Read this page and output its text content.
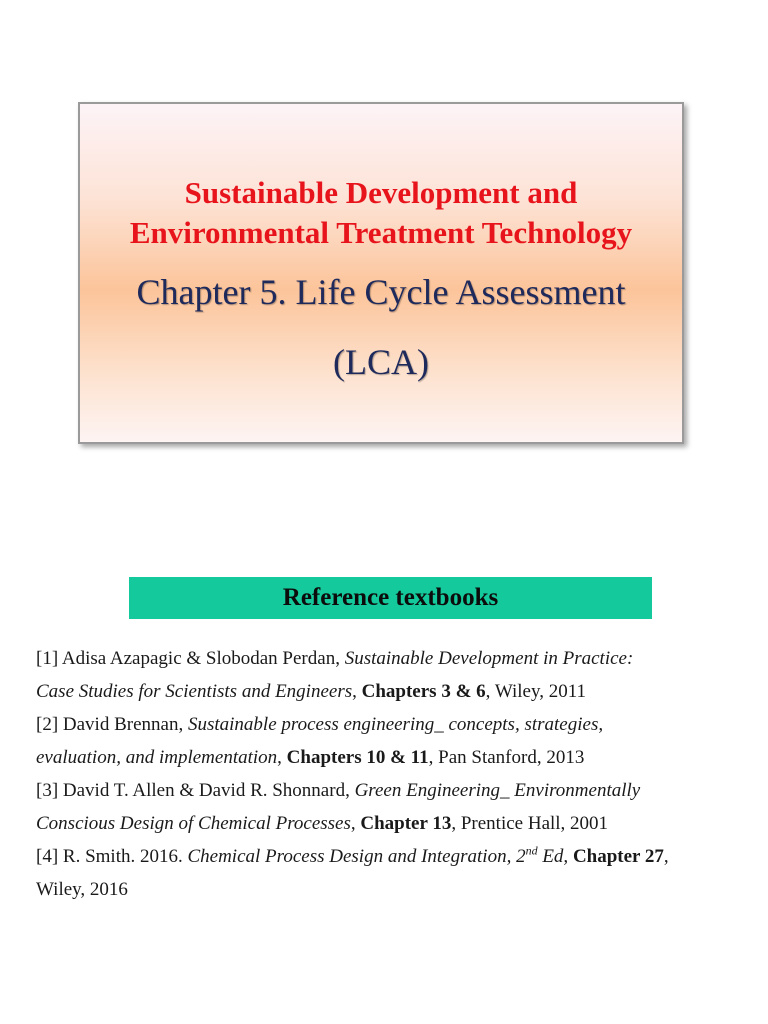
Sustainable Development and
Environmental Treatment Technology
Chapter 5. Life Cycle Assessment
(LCA)
Reference textbooks
[1] Adisa Azapagic & Slobodan Perdan, Sustainable Development in Practice:
Case Studies for Scientists and Engineers, Chapters 3 & 6, Wiley, 2011
[2] David Brennan, Sustainable process engineering_ concepts, strategies,
evaluation, and implementation, Chapters 10 & 11, Pan Stanford, 2013
[3] David T. Allen & David R. Shonnard, Green Engineering_ Environmentally
Conscious Design of Chemical Processes, Chapter 13, Prentice Hall, 2001
[4] R. Smith. 2016. Chemical Process Design and Integration, 2nd Ed, Chapter 27,
Wiley, 2016
